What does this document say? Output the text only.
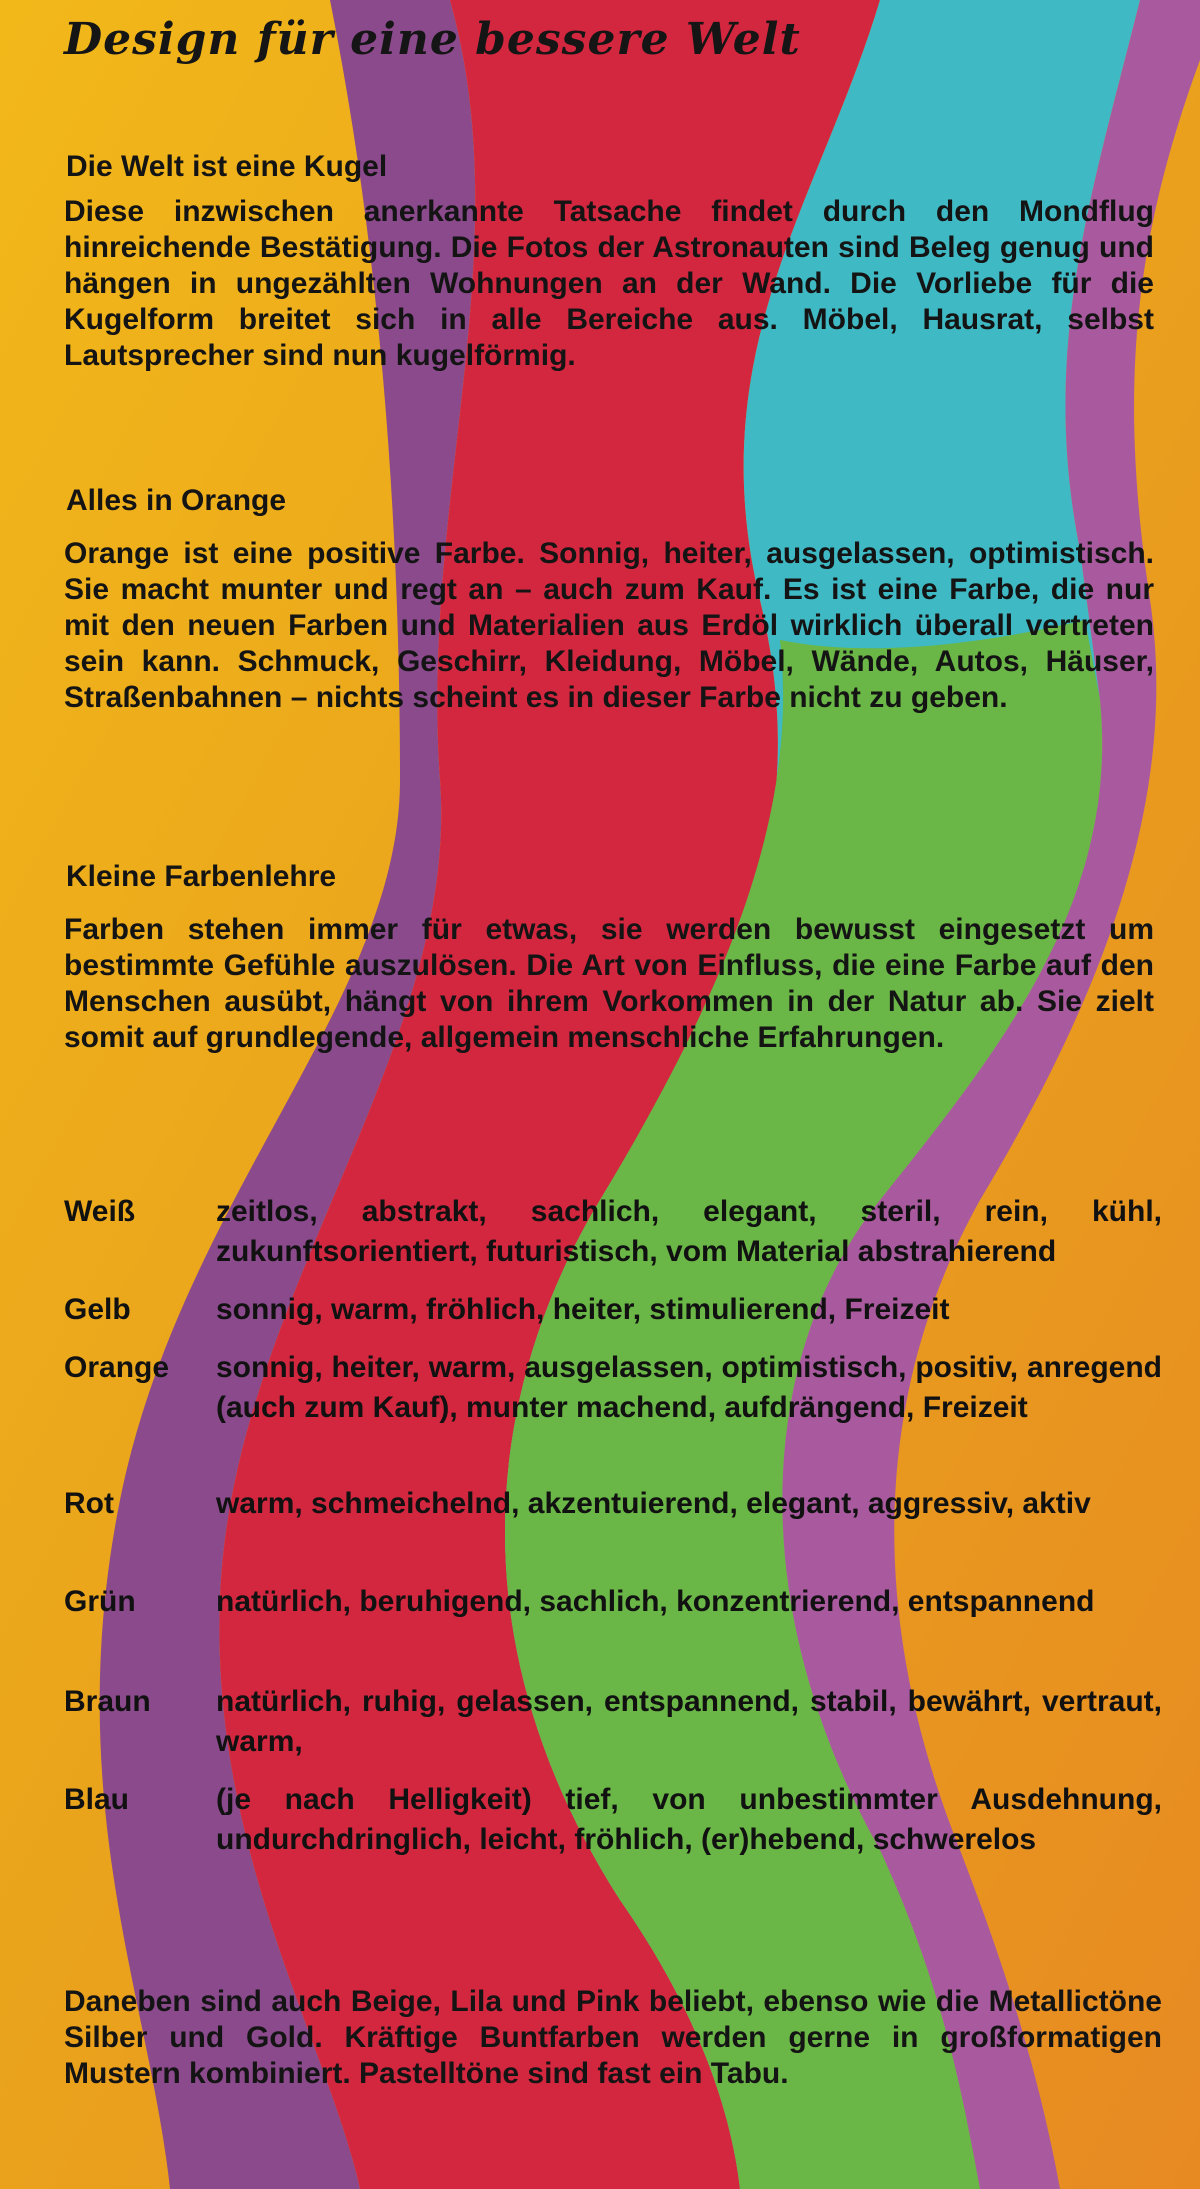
Design für eine bessere Welt
Die Welt ist eine Kugel

Diese inzwischen anerkannte Tatsache findet durch den Mondflug hinreichende Bestätigung. Die Fotos der Astronauten sind Beleg genug und hängen in ungezählten Wohnungen an der Wand. Die Vorliebe für die Kugelform breitet sich in alle Bereiche aus. Möbel, Hausrat, selbst Lautsprecher sind nun kugelförmig.

Alles in Orange

Orange ist eine positive Farbe. Sonnig, heiter, ausgelassen, optimistisch. Sie macht munter und regt an – auch zum Kauf. Es ist eine Farbe, die nur mit den neuen Farben und Materialien aus Erdöl wirklich überall vertreten sein kann. Schmuck, Geschirr, Kleidung, Möbel, Wände, Autos, Häuser, Straßenbahnen – nichts scheint es in dieser Farbe nicht zu geben.

Kleine Farbenlehre

Farben stehen immer für etwas, sie werden bewusst eingesetzt um bestimmte Gefühle auszulösen. Die Art von Einfluss, die eine Farbe auf den Menschen ausübt, hängt von ihrem Vorkommen in der Natur ab. Sie zielt somit auf grundlegende, allgemein menschliche Erfahrungen.

Weiß	zeitlos, abstrakt, sachlich, elegant, steril, rein, kühl, zukunftsorientiert, futuristisch, vom Material abstrahierend

Gelb	sonnig, warm, fröhlich, heiter, stimulierend, Freizeit

Orange	sonnig, heiter, warm, ausgelassen, optimistisch, positiv, anregend (auch zum Kauf), munter machend, aufdrängend, Freizeit

Rot	warm, schmeichelnd, akzentuierend, elegant, aggressiv, aktiv

Grün	natürlich, beruhigend, sachlich, konzentrierend, entspannend

Braun	natürlich, ruhig, gelassen, entspannend, stabil, bewährt, vertraut, warm,

Blau	(je nach Helligkeit) tief, von unbestimmter Ausdehnung, undurchdringlich, leicht, fröhlich, (er)hebend, schwerelos

Daneben sind auch Beige, Lila und Pink beliebt, ebenso wie die Metallictöne Silber und Gold. Kräftige Buntfarben werden gerne in großformatigen Mustern kombiniert. Pastelltöne sind fast ein Tabu.
